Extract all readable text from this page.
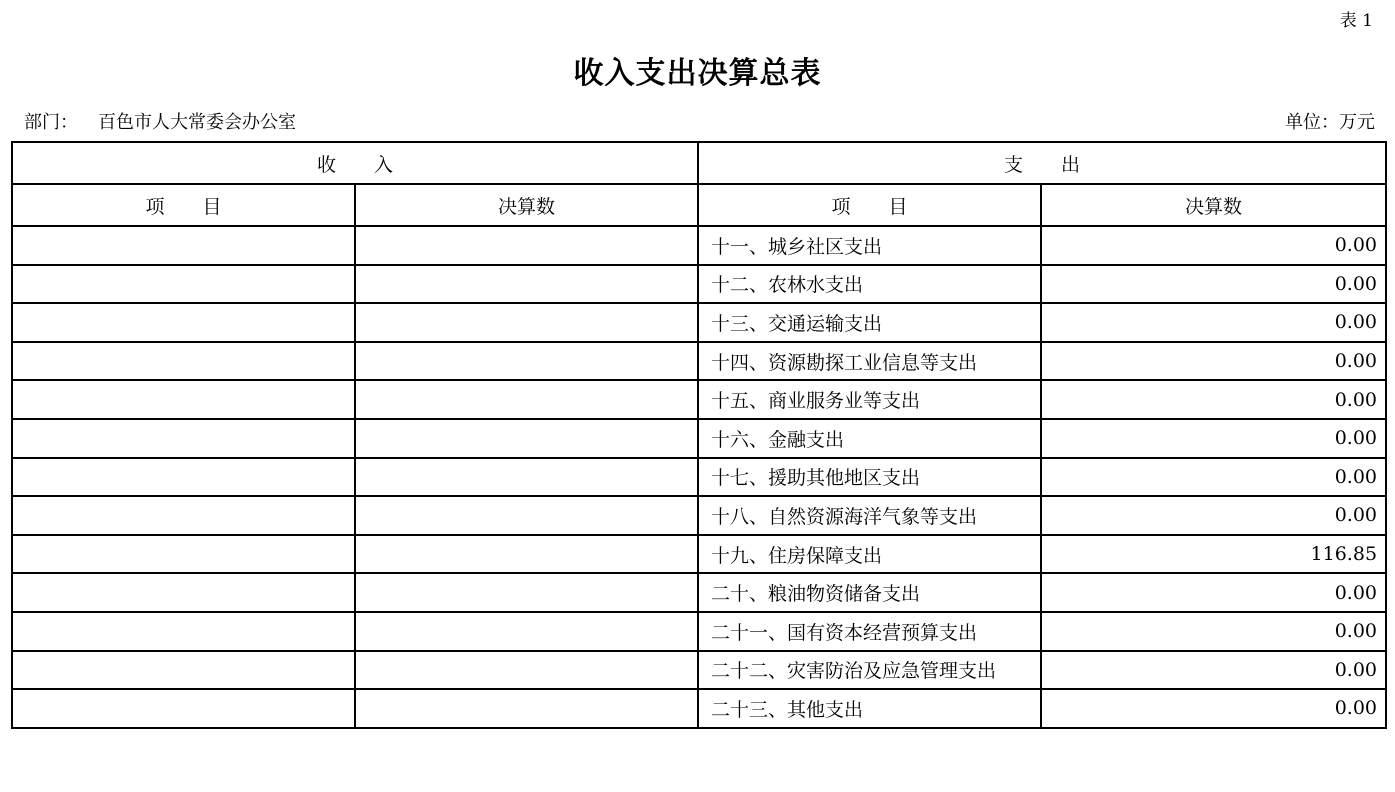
表 1
收入支出决算总表
部门： 百色市人大常委会办公室	单位：万元
收　　入		支　　出	
项　　目	决算数	项　　目	决算数
		十一、城乡社区支出	0.00
		十二、农林水支出	0.00
		十三、交通运输支出	0.00
		十四、资源勘探工业信息等支出	0.00
		十五、商业服务业等支出	0.00
		十六、金融支出	0.00
		十七、援助其他地区支出	0.00
		十八、自然资源海洋气象等支出	0.00
		十九、住房保障支出	116.85
		二十、粮油物资储备支出	0.00
		二十一、国有资本经营预算支出	0.00
		二十二、灾害防治及应急管理支出	0.00
		二十三、其他支出	0.00
